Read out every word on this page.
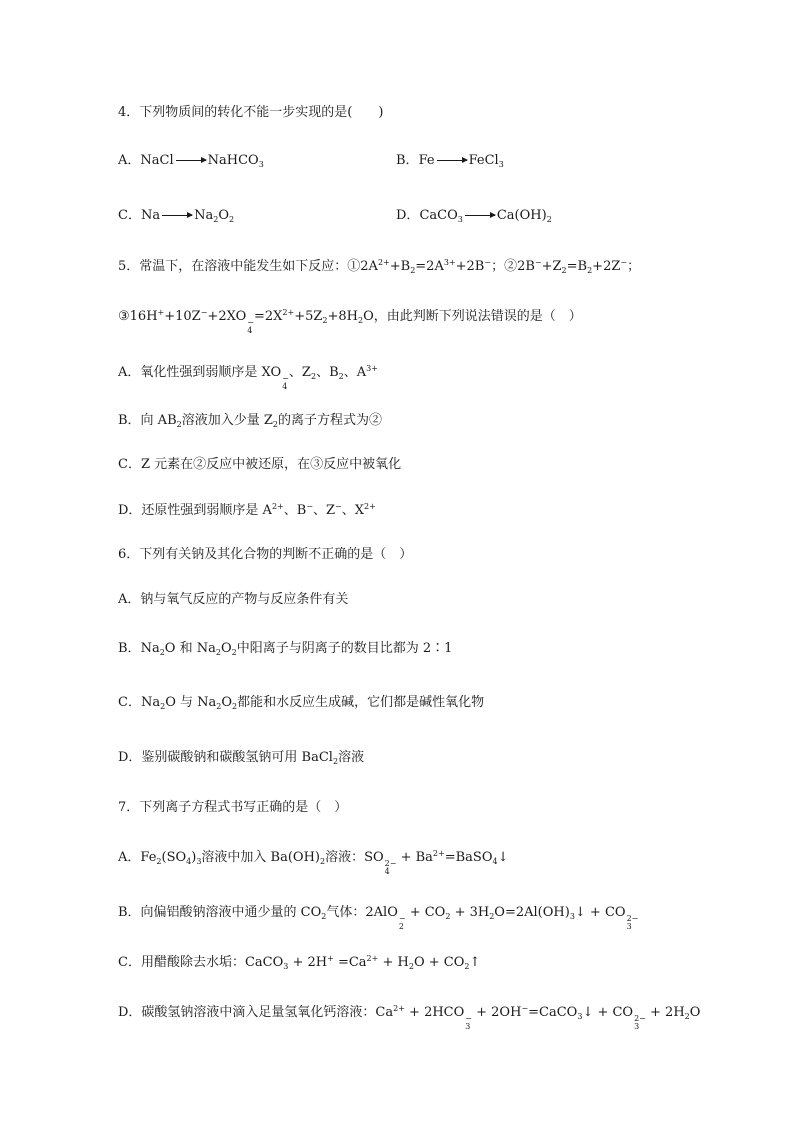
4．下列物质间的转化不能一步实现的是(　　)
A．NaCl → NaHCO$_3$	B．Fe → FeCl$_3$
C．$Na \to Na_2O_2$	D．CaCO$_3$ → $Ca(OH)_2$
5．常温下，在溶液中能发生如下反应：$①2A^{2+}+B_2=2A^{3+}+2B^-$；$②2B^-+Z_2=B_2+2Z^-$；
③16H++10Z−+2XO −
4
$=2X^{2+}+5Z_2+8H_2O$，由此判断下列说法错误的是（　）
A．氧化性强到弱顺序是 XO −
4
、$Z_2$、$B_2$、$A^{3+}$
B．向 $AB_2$溶液加入少量 $Z_2$的离子方程式为②
C．Z 元素在②反应中被还原，在③反应中被氧化
D．还原性强到弱顺序是 $A^{2+}$、B−、Z−、$X^{2+}$
6．下列有关钠及其化合物的判断不正确的是（　）
A．钠与氧气反应的产物与反应条件有关
B．$Na_2O$ 和 $Na_2O_2$中阳离子与阴离子的数目比都为 2∶1
C．$Na_2O$ 与 $Na_2O_2$都能和水反应生成碱，它们都是碱性氧化物
D．鉴别碳酸钠和碳酸氢钠可用 BaCl$_2$溶液
7．下列离子方程式书写正确的是（　）
A．$Fe_2(SO_4)_3$溶液中加入 $Ba(OH)_2$溶液：SO 2−
4
+ $Ba^{2+}=BaSO_4↓$
B．向偏铝酸钠溶液中通少量的 $CO_2$气体：2AlO −
2
+ $CO_2$ + $3H_2O=2Al(OH)_3↓$ + CO 2−
3
C．用醋酸除去水垢：CaCO$_3$ + $2H^+ =Ca^{2+} + H_2O$ + $CO_2↑$
D．碳酸氢钠溶液中滴入足量氢氧化钙溶液：$Ca^{2+} + 2HCO$ −
3
+ 2OH−=CaCO$_3$↓ + CO 2−
3
+ $2H_2O$
